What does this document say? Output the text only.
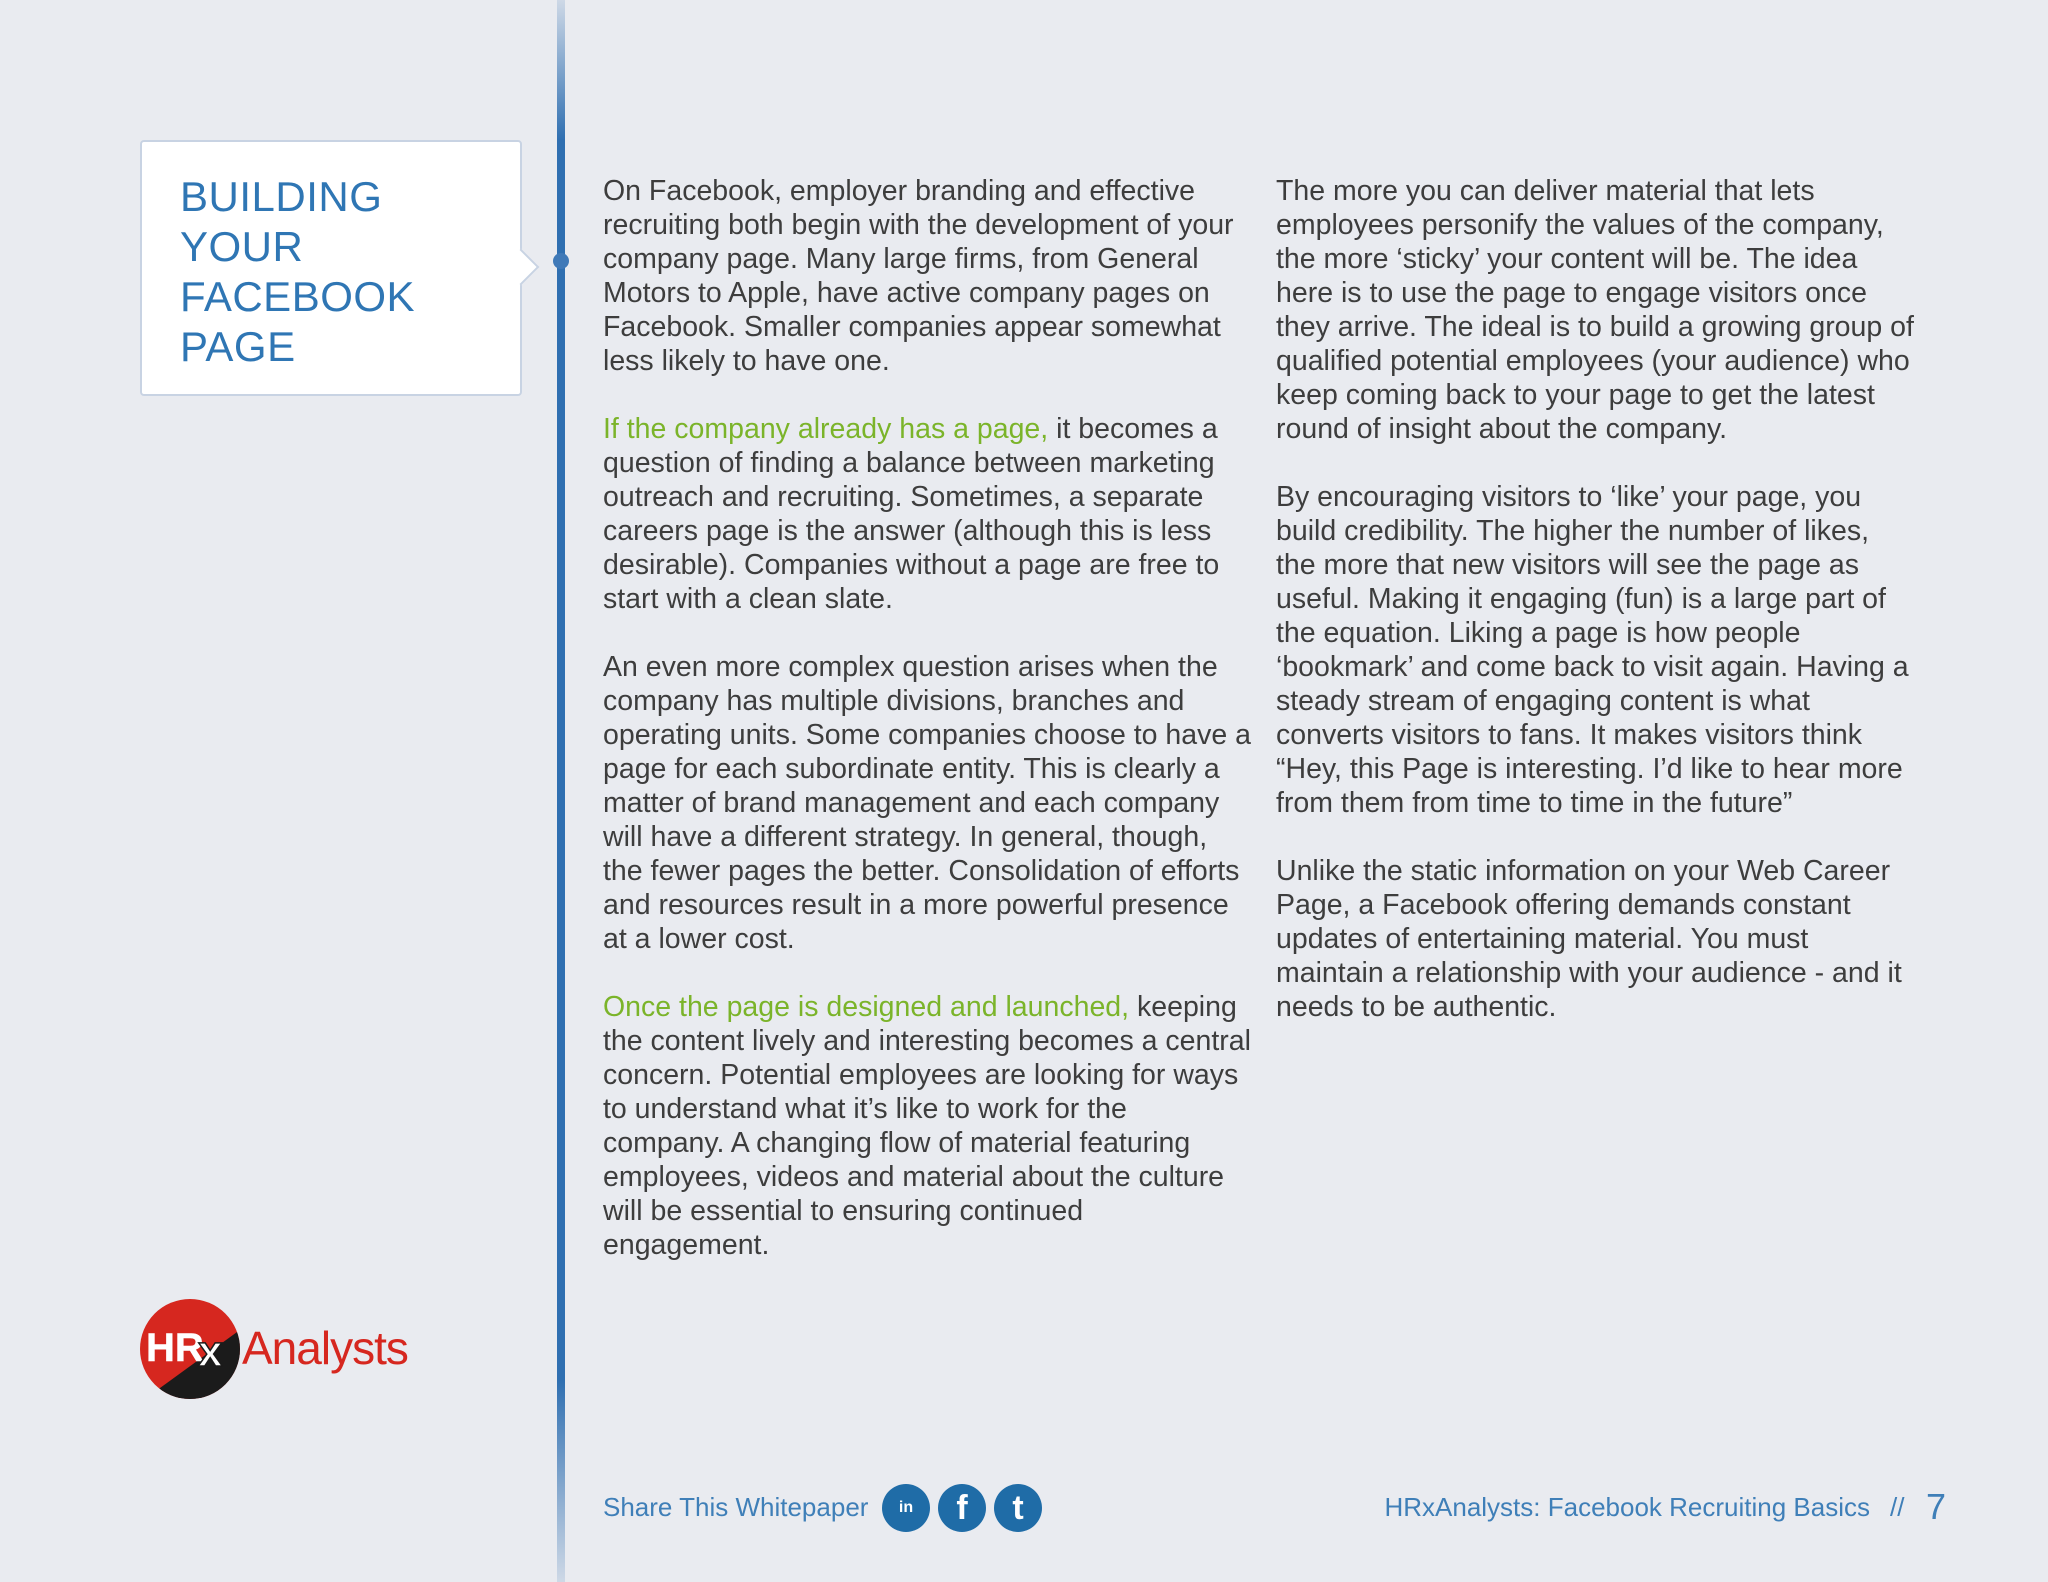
BUILDING
YOUR
FACEBOOK
PAGE

On Facebook, employer branding and effective recruiting both begin with the development of your company page. Many large firms, from General Motors to Apple, have active company pages on Facebook. Smaller companies appear somewhat less likely to have one.

If the company already has a page, it becomes a question of finding a balance between marketing outreach and recruiting. Sometimes, a separate careers page is the answer (although this is less desirable). Companies without a page are free to start with a clean slate.

An even more complex question arises when the company has multiple divisions, branches and operating units. Some companies choose to have a page for each subordinate entity. This is clearly a matter of brand management and each company will have a different strategy. In general, though, the fewer pages the better. Consolidation of efforts and resources result in a more powerful presence at a lower cost.

Once the page is designed and launched, keeping the content lively and interesting becomes a central concern. Potential employees are looking for ways to understand what it’s like to work for the company. A changing flow of material featuring employees, videos and material about the culture will be essential to ensuring continued engagement.

The more you can deliver material that lets employees personify the values of the company, the more ‘sticky’ your content will be. The idea here is to use the page to engage visitors once they arrive. The ideal is to build a growing group of qualified potential employees (your audience) who keep coming back to your page to get the latest round of insight about the company.

By encouraging visitors to ‘like’ your page, you build credibility. The higher the number of likes, the more that new visitors will see the page as useful. Making it engaging (fun) is a large part of the equation. Liking a page is how people ‘bookmark’ and come back to visit again. Having a steady stream of engaging content is what converts visitors to fans. It makes visitors think “Hey, this Page is interesting. I’d like to hear more from them from time to time in the future”

Unlike the static information on your Web Career Page, a Facebook offering demands constant updates of entertaining material. You must maintain a relationship with your audience - and it needs to be authentic.

HR
x Analysts
Share This Whitepaper	in	f	t	HRxAnalysts: Facebook Recruiting Basics // 7
